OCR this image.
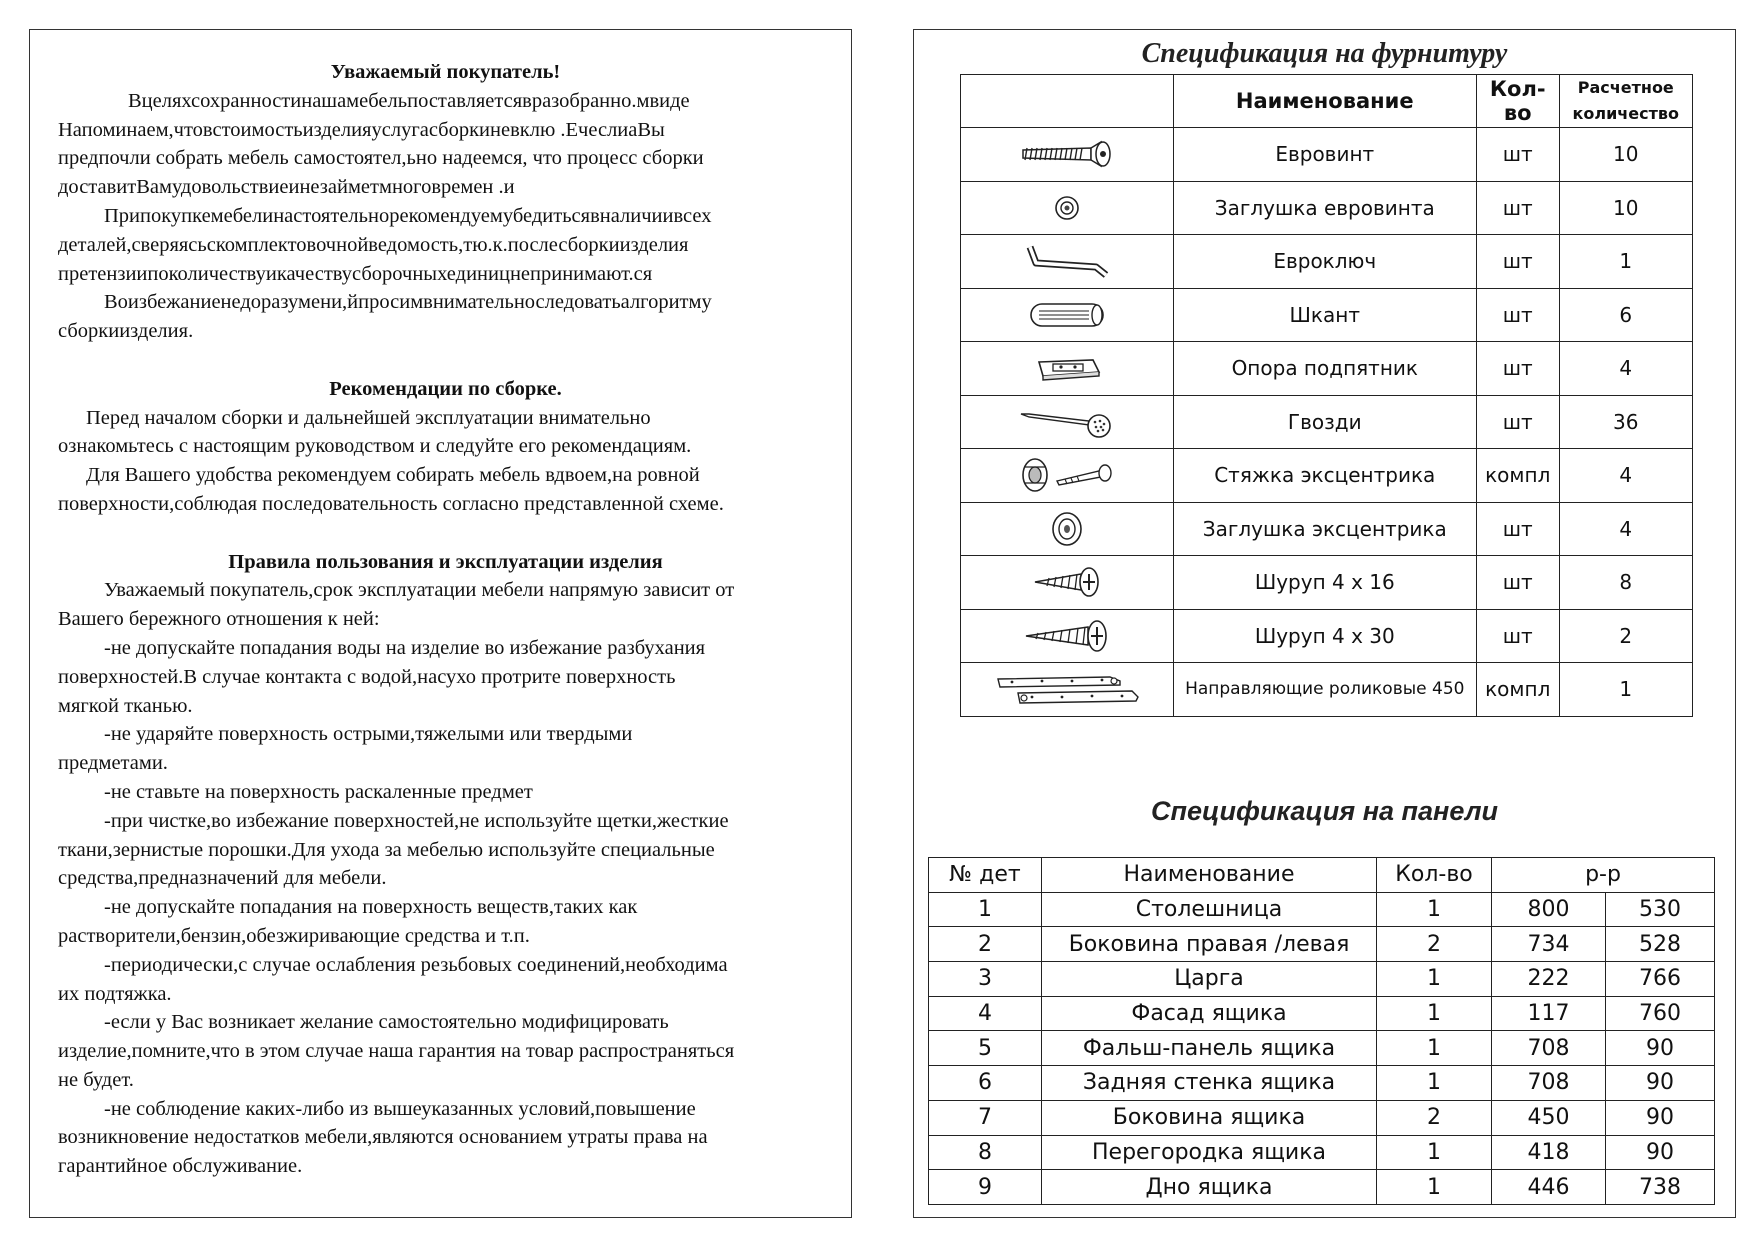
Уважаемый покупатель!

Вцеляхсохранностинашамебельпоставляетсявразобранно.мвиде

Напоминаем,чтовстоимостьизделияуслугасборкиневклю .ЕчеслиаВы

предпочли собрать мебель самостоятел,ьно надеемся, что процесс сборки

доставитВамудовольствиеинезайметмноговремен .и

Припокупкемебелинастоятельнорекомендуемубедитьсявналичиивсех

деталей,сверяясьскомплектовочнойведомость,тю.к.послесборкиизделия

претензиипоколичествуикачествусборочныхединицнепринимают.ся

Воизбежаниенедоразумени,йпросимвнимательноследоватьалгоритму

сборкиизделия.

Рекомендации по сборке.

Перед началом сборки и дальнейшей эксплуатации внимательно

ознакомьтесь с настоящим руководством и следуйте его рекомендациям.

Для Вашего удобства рекомендуем собирать мебель вдвоем,на ровной

поверхности,соблюдая последовательность согласно представленной схеме.

Правила пользования и эксплуатации изделия

Уважаемый покупатель,срок эксплуатации мебели напрямую зависит от

Вашего бережного отношения к ней:

-не допускайте попадания воды на изделие во избежание разбухания

поверхностей.В случае контакта с водой,насухо протрите поверхность

мягкой тканью.

-не ударяйте поверхность острыми,тяжелыми или твердыми

предметами.

-не ставьте на поверхность раскаленные предмет

-при чистке,во избежание поверхностей,не используйте щетки,жесткие

ткани,зернистые порошки.Для ухода за мебелью используйте специальные

средства,предназначений для мебели.

-не допускайте попадания на поверхность веществ,таких как

растворители,бензин,обезжиривающие средства и т.п.

-периодически,с случае ослабления резьбовых соединений,необходима

их подтяжка.

-если у Вас возникает желание самостоятельно модифицировать

изделие,помните,что в этом случае наша гарантия на товар распространяться

не будет.

-не соблюдение каких-либо из вышеуказанных условий,повышение

возникновение недостатков мебели,являются основанием утраты права на

гарантийное обслуживание.

Спецификация на фурнитуру
	Наименование	Кол-во	Расчетное
количество

	Евровинт	шт	10

	Заглушка евровинта	шт	10

	Евроключ	шт	1

	Шкант	шт	6

	Опора подпятник	шт	4

	Гвозди	шт	36

	Стяжка эксцентрика	компл	4

	Заглушка эксцентрика	шт	4

	Шуруп 4 х 16	шт	8

	Шуруп 4 х 30	шт	2

	Направляющие роликовые 450	компл	1
Спецификация на панели
№ дет	Наименование	Кол-во	р-р	
1	Столешница	1	800	530
2	Боковина правая /левая	2	734	528
3	Царга	1	222	766
4	Фасад ящика	1	117	760
5	Фальш-панель ящика	1	708	90
6	Задняя стенка ящика	1	708	90
7	Боковина ящика	2	450	90
8	Перегородка ящика	1	418	90
9	Дно ящика	1	446	738
